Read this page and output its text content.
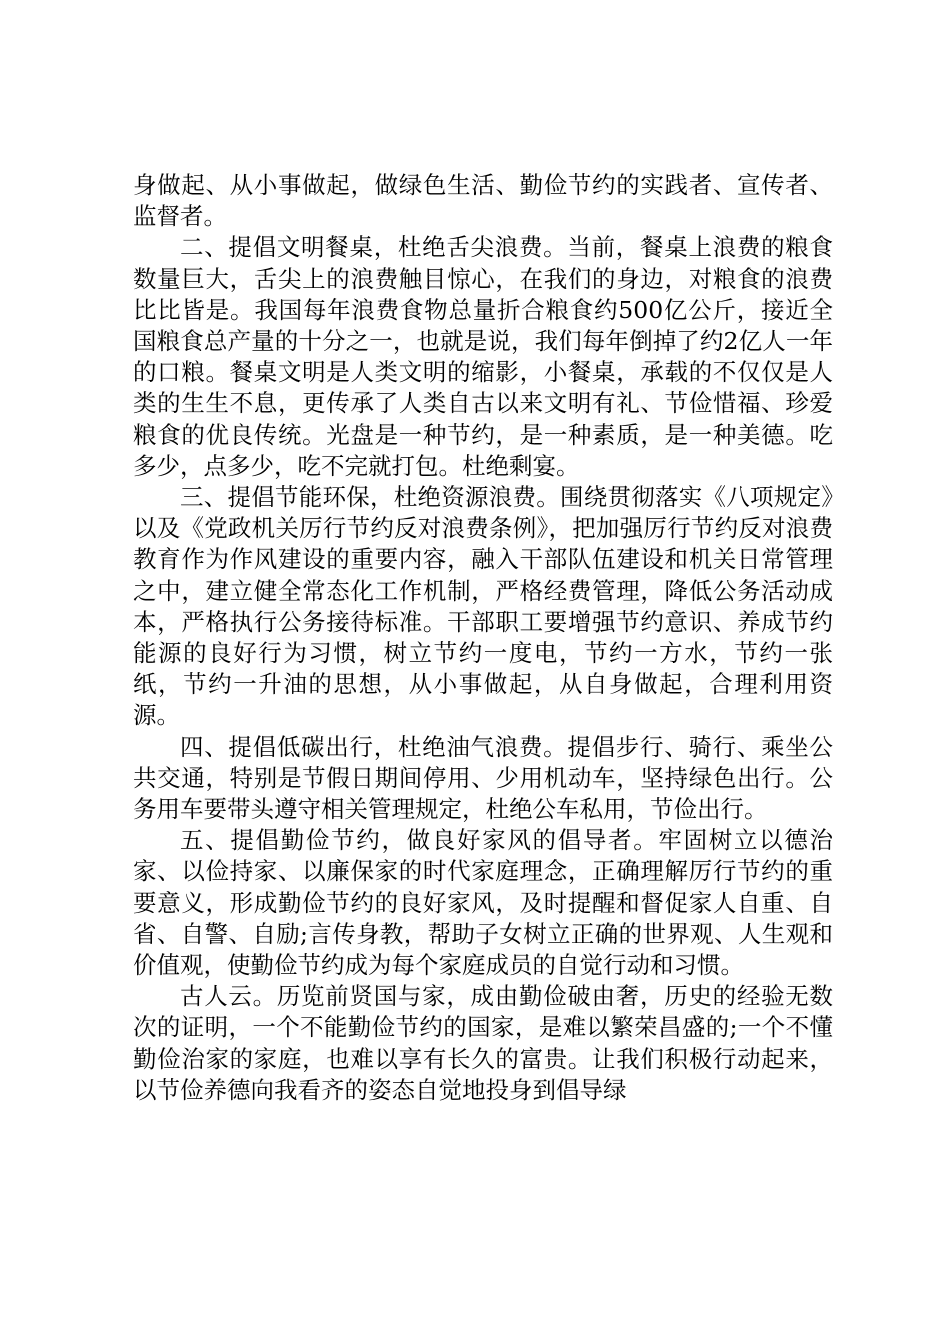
身做起、从小事做起，做绿色生活、勤俭节约的实践者、宣传者、监督者。

二、提倡文明餐桌，杜绝舌尖浪费。当前，餐桌上浪费的粮食数量巨大，舌尖上的浪费触目惊心，在我们的身边，对粮食的浪费比比皆是。我国每年浪费食物总量折合粮食约500亿公斤，接近全国粮食总产量的十分之一，也就是说，我们每年倒掉了约2亿人一年的口粮。餐桌文明是人类文明的缩影，小餐桌，承载的不仅仅是人类的生生不息，更传承了人类自古以来文明有礼、节俭惜福、珍爱粮食的优良传统。光盘是一种节约，是一种素质，是一种美德。吃多少，点多少，吃不完就打包。杜绝剩宴。

三、提倡节能环保，杜绝资源浪费。围绕贯彻落实《八项规定》以及《党政机关厉行节约反对浪费条例》，把加强厉行节约反对浪费教育作为作风建设的重要内容，融入干部队伍建设和机关日常管理之中，建立健全常态化工作机制，严格经费管理，降低公务活动成本，严格执行公务接待标准。干部职工要增强节约意识、养成节约能源的良好行为习惯，树立节约一度电，节约一方水，节约一张纸，节约一升油的思想，从小事做起，从自身做起，合理利用资源。

四、提倡低碳出行，杜绝油气浪费。提倡步行、骑行、乘坐公共交通，特别是节假日期间停用、少用机动车，坚持绿色出行。公务用车要带头遵守相关管理规定，杜绝公车私用，节俭出行。

五、提倡勤俭节约，做良好家风的倡导者。牢固树立以德治家、以俭持家、以廉保家的时代家庭理念，正确理解厉行节约的重要意义，形成勤俭节约的良好家风，及时提醒和督促家人自重、自省、自警、自励;言传身教，帮助子女树立正确的世界观、人生观和价值观，使勤俭节约成为每个家庭成员的自觉行动和习惯。

古人云。历览前贤国与家，成由勤俭破由奢，历史的经验无数次的证明，一个不能勤俭节约的国家，是难以繁荣昌盛的;一个不懂勤俭治家的家庭，也难以享有长久的富贵。让我们积极行动起来，以节俭养德向我看齐的姿态自觉地投身到倡导绿
